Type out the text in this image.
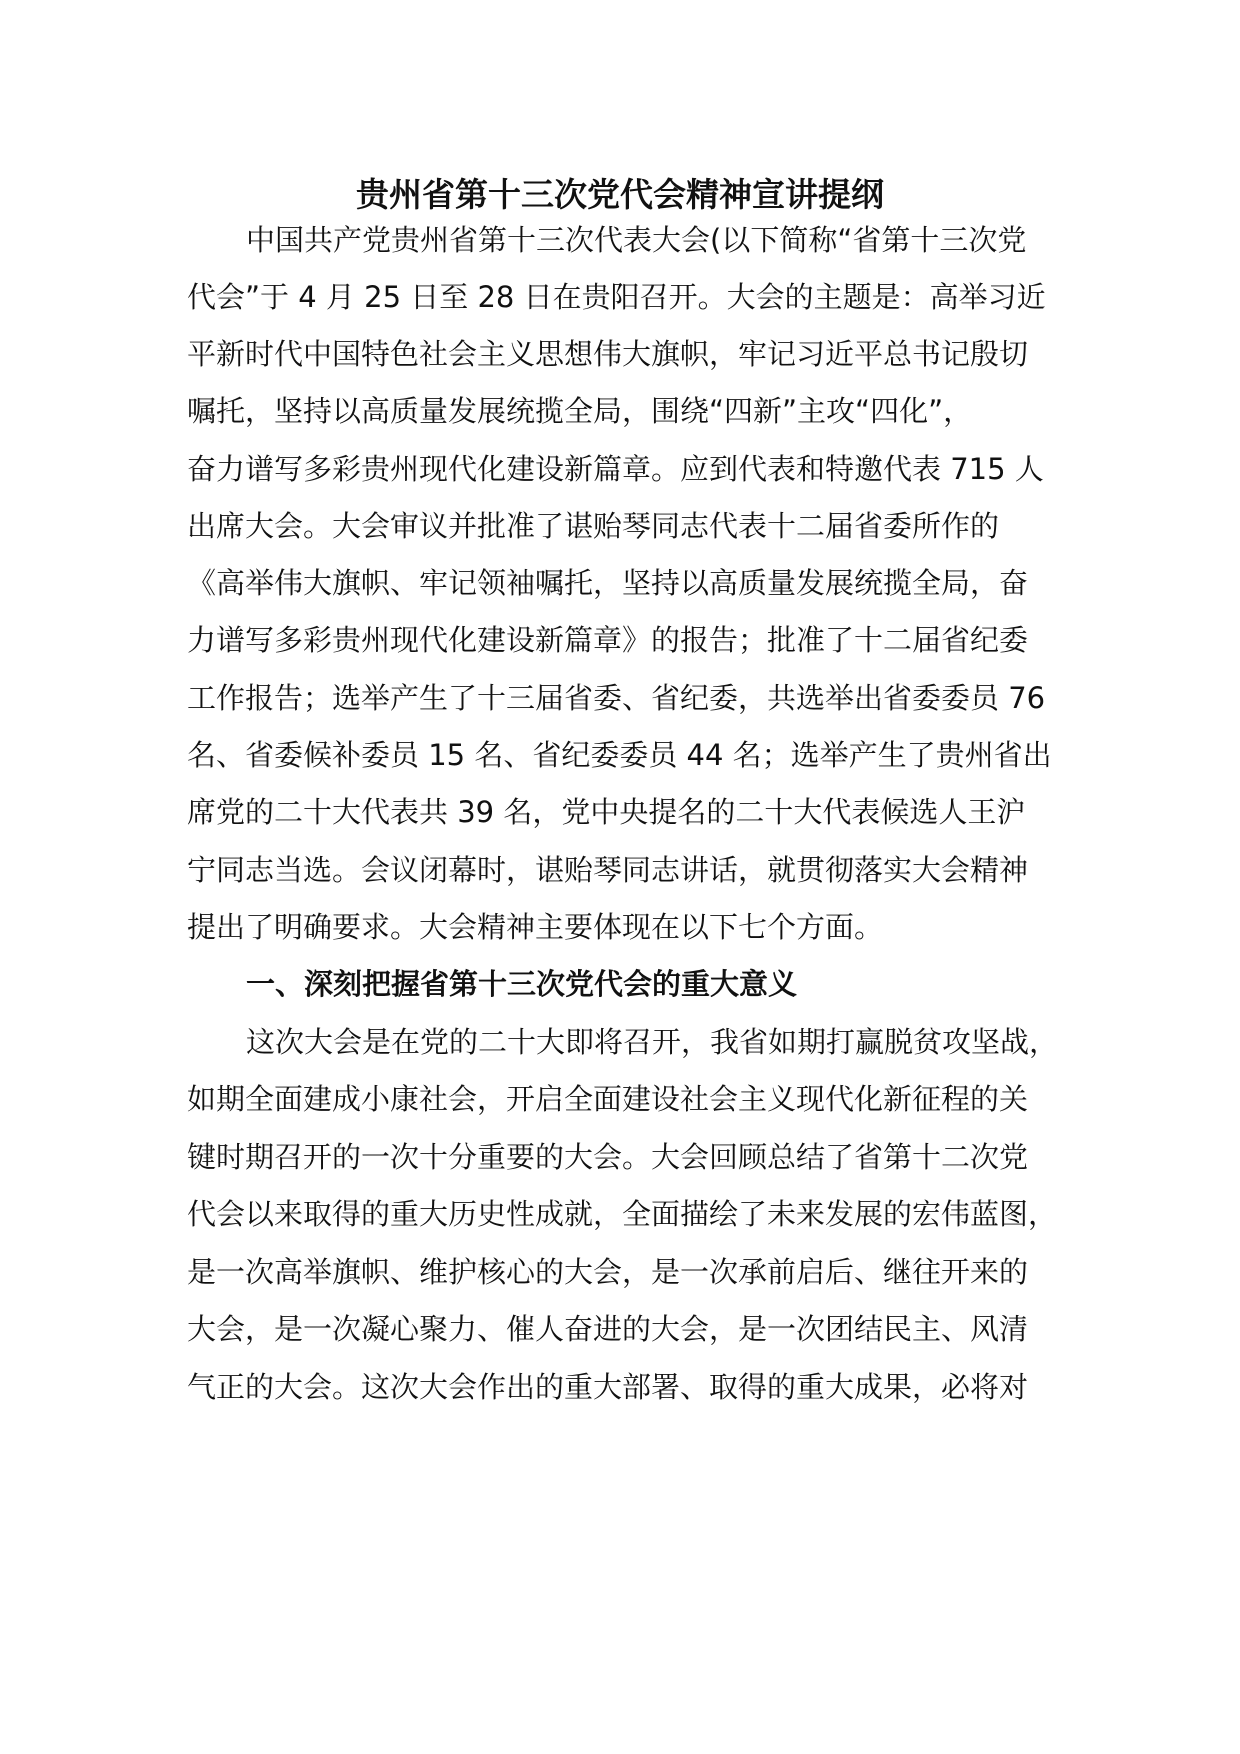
贵州省第十三次党代会精神宣讲提纲

中国共产党贵州省第十三次代表大会(以下简称“省第十三次党

代会”于 4 月 25 日至 28 日在贵阳召开。大会的主题是：高举习近

平新时代中国特色社会主义思想伟大旗帜，牢记习近平总书记殷切

嘱托，坚持以高质量发展统揽全局，围绕“四新”主攻“四化”，

奋力谱写多彩贵州现代化建设新篇章。应到代表和特邀代表 715 人

出席大会。大会审议并批准了谌贻琴同志代表十二届省委所作的

《高举伟大旗帜、牢记领袖嘱托，坚持以高质量发展统揽全局，奋

力谱写多彩贵州现代化建设新篇章》的报告；批准了十二届省纪委

工作报告；选举产生了十三届省委、省纪委，共选举出省委委员 76

名、省委候补委员 15 名、省纪委委员 44 名；选举产生了贵州省出

席党的二十大代表共 39 名，党中央提名的二十大代表候选人王沪

宁同志当选。会议闭幕时，谌贻琴同志讲话，就贯彻落实大会精神

提出了明确要求。大会精神主要体现在以下七个方面。

一、深刻把握省第十三次党代会的重大意义

这次大会是在党的二十大即将召开，我省如期打赢脱贫攻坚战，

如期全面建成小康社会，开启全面建设社会主义现代化新征程的关

键时期召开的一次十分重要的大会。大会回顾总结了省第十二次党

代会以来取得的重大历史性成就，全面描绘了未来发展的宏伟蓝图，

是一次高举旗帜、维护核心的大会，是一次承前启后、继往开来的

大会，是一次凝心聚力、催人奋进的大会，是一次团结民主、风清

气正的大会。这次大会作出的重大部署、取得的重大成果，必将对
